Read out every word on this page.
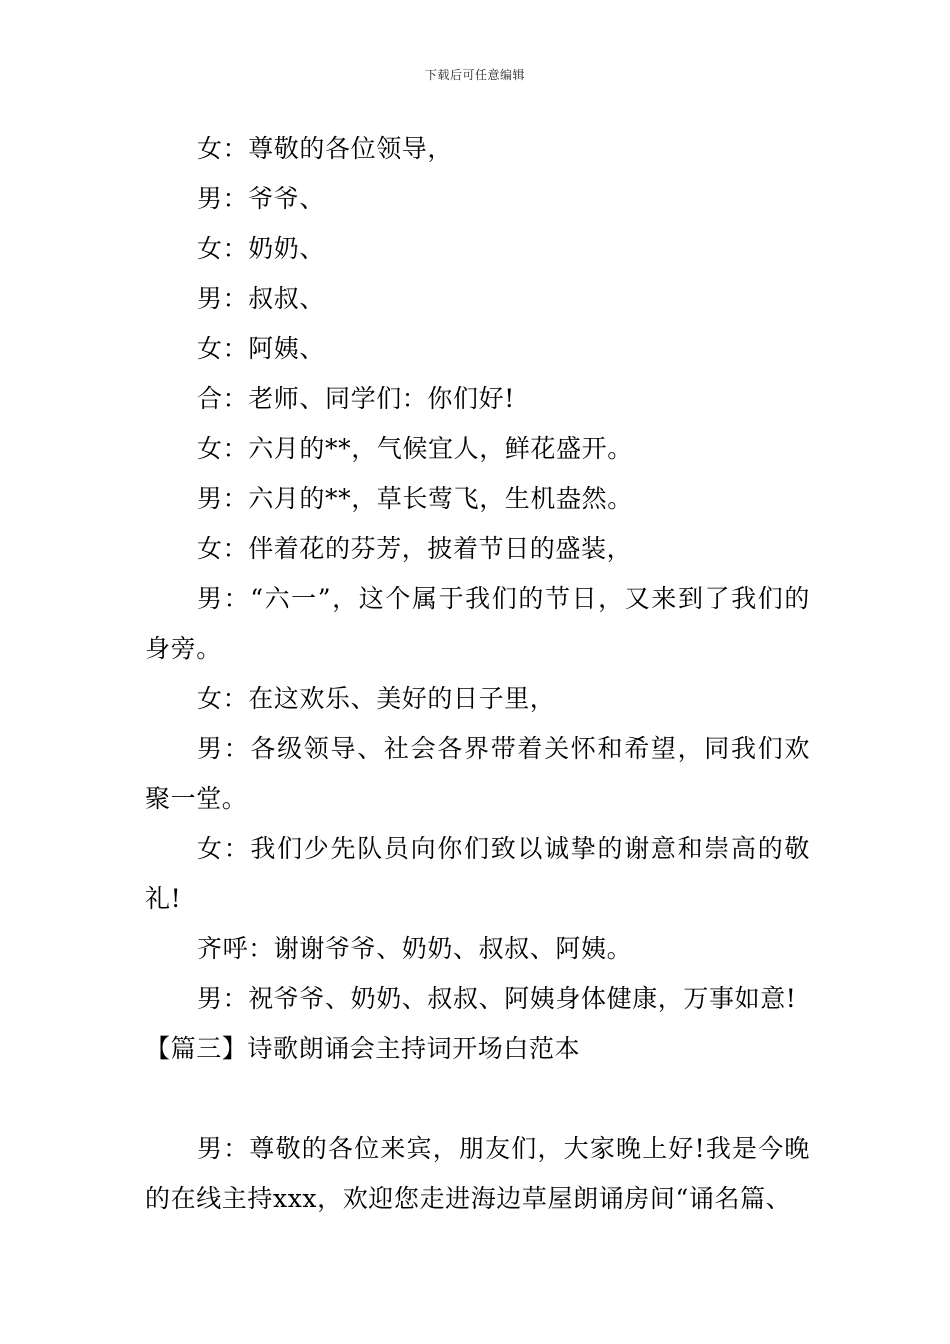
下载后可任意编辑

女：尊敬的各位领导，

男：爷爷、

女：奶奶、

男：叔叔、

女：阿姨、

合：老师、同学们：你们好!

女：六月的**，气候宜人，鲜花盛开。

男：六月的**，草长莺飞，生机盎然。

女：伴着花的芬芳，披着节日的盛装，

男：“六一”，这个属于我们的节日，又来到了我们的身旁。

女：在这欢乐、美好的日子里，

男：各级领导、社会各界带着关怀和希望，同我们欢聚一堂。

女：我们少先队员向你们致以诚挚的谢意和崇高的敬礼!

齐呼：谢谢爷爷、奶奶、叔叔、阿姨。

男：祝爷爷、奶奶、叔叔、阿姨身体健康，万事如意!

【篇三】诗歌朗诵会主持词开场白范本

男：尊敬的各位来宾，朋友们，大家晚上好!我是今晚的在线主持xxx，欢迎您走进海边草屋朗诵房间“诵名篇、
